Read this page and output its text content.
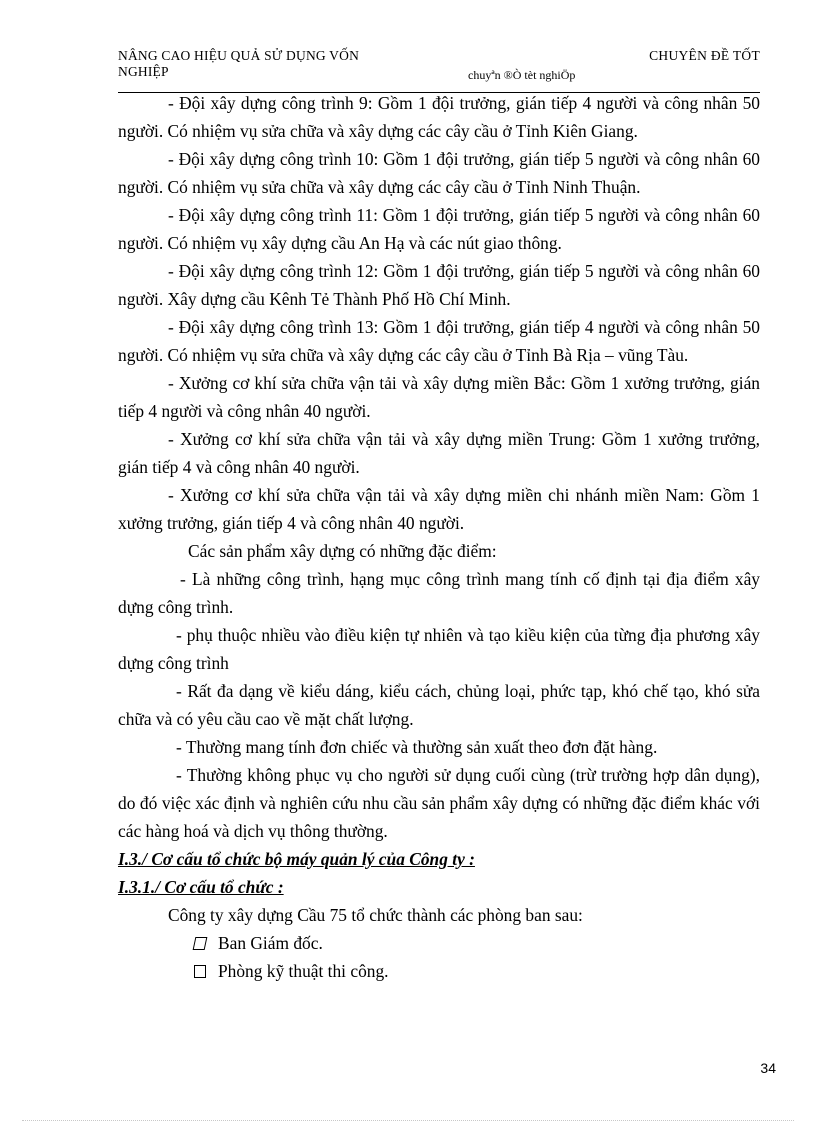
NÂNG CAO HIỆU QUẢ SỬ DỤNG VỐN NGHIỆP
CHUYÊN ĐỀ TỐT
chuyªn ®Ò tèt nghiÖp

- Đội xây dựng công trình 9: Gồm 1 đội trưởng, gián tiếp 4 người và công nhân 50 người. Có nhiệm vụ sửa chữa và xây dựng các cây cầu ở Tỉnh Kiên Giang.

- Đội xây dựng công trình 10: Gồm 1 đội trưởng, gián tiếp 5 người và công nhân 60 người. Có nhiệm vụ sửa chữa và xây dựng các cây cầu ở Tỉnh Ninh Thuận.

- Đội xây dựng công trình 11: Gồm 1 đội trưởng, gián tiếp 5 người và công nhân 60 người. Có nhiệm vụ xây dựng cầu An Hạ và các nút giao thông.

- Đội xây dựng công trình 12: Gồm 1 đội trưởng, gián tiếp 5 người và công nhân 60 người. Xây dựng cầu Kênh Tẻ Thành Phố Hồ Chí Minh.

- Đội xây dựng công trình 13: Gồm 1 đội trưởng, gián tiếp 4 người và công nhân 50 người. Có nhiệm vụ sửa chữa và xây dựng các cây cầu ở Tỉnh Bà Rịa – vũng Tàu.

- Xưởng cơ khí sửa chữa vận tải và xây dựng miền Bắc: Gồm 1 xưởng trưởng, gián tiếp 4 người và công nhân 40 người.

- Xưởng cơ khí sửa chữa vận tải và xây dựng miền Trung: Gồm 1 xưởng trưởng, gián tiếp 4 và công nhân 40 người.

- Xưởng cơ khí sửa chữa vận tải và xây dựng miền chi nhánh miền Nam: Gồm 1 xưởng trưởng, gián tiếp 4 và công nhân 40 người.

Các sản phẩm xây dựng có những đặc điểm:

- Là những công trình, hạng mục công trình mang tính cố định tại địa điểm xây dựng công trình.

- phụ thuộc nhiều vào điều kiện tự nhiên và tạo kiều kiện của từng địa phương xây dựng công trình

- Rất đa dạng về kiểu dáng, kiểu cách, chủng loại, phức tạp, khó chế tạo, khó sửa chữa và có yêu cầu cao về mặt chất lượng.

- Thường mang tính đơn chiếc và thường sản xuất theo đơn đặt hàng.

- Thường không phục vụ cho người sử dụng cuối cùng (trừ trường hợp dân dụng), do đó việc xác định và nghiên cứu nhu cầu sản phẩm xây dựng có những đặc điểm khác với các hàng hoá và dịch vụ thông thường.

I.3./ Cơ cấu tổ chức bộ máy quản lý của Công ty :

I.3.1./ Cơ cấu tổ chức :

Công ty xây dựng Cầu 75 tổ chức thành các phòng ban sau:

Ban Giám đốc.

Phòng kỹ thuật thi công.

34
